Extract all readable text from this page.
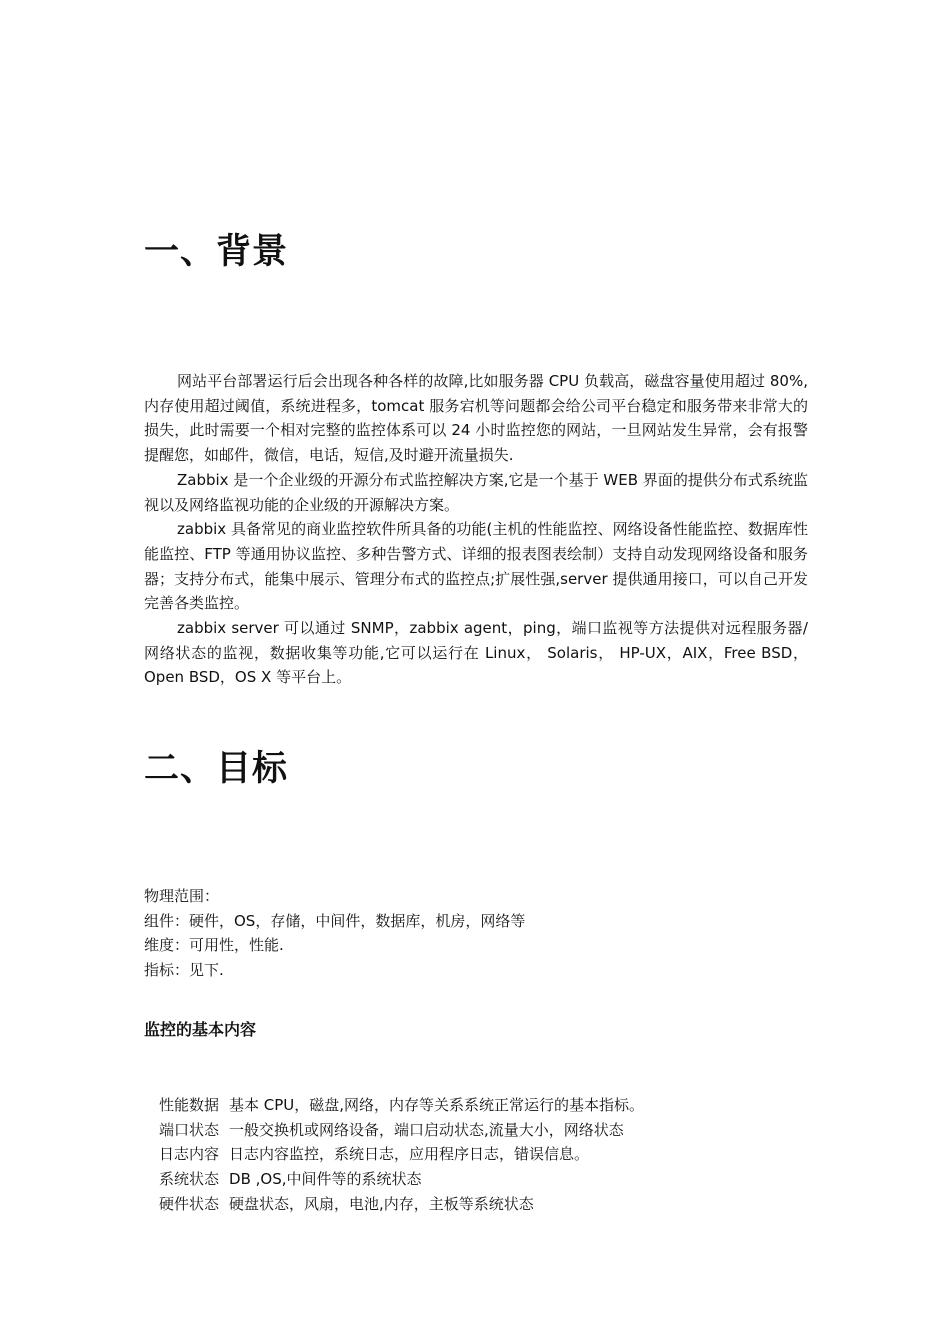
一、背景

网站平台部署运行后会出现各种各样的故障,比如服务器 CPU 负载高，磁盘容量使用超过 80%,内存使用超过阈值，系统进程多，tomcat 服务宕机等问题都会给公司平台稳定和服务带来非常大的损失，此时需要一个相对完整的监控体系可以 24 小时监控您的网站，一旦网站发生异常，会有报警提醒您，如邮件，微信，电话，短信,及时避开流量损失.

Zabbix 是一个企业级的开源分布式监控解决方案,它是一个基于 WEB 界面的提供分布式系统监视以及网络监视功能的企业级的开源解决方案。

zabbix 具备常见的商业监控软件所具备的功能(主机的性能监控、网络设备性能监控、数据库性能监控、FTP 等通用协议监控、多种告警方式、详细的报表图表绘制）支持自动发现网络设备和服务器；支持分布式，能集中展示、管理分布式的监控点;扩展性强,server 提供通用接口，可以自己开发完善各类监控。

zabbix server 可以通过 SNMP，zabbix agent，ping，端口监视等方法提供对远程服务器/网络状态的监视，数据收集等功能,它可以运行在 Linux， Solaris， HP-UX，AIX，Free BSD，Open BSD，OS X 等平台上。

二、目标
物理范围：
组件：硬件，OS，存储，中间件，数据库，机房，网络等
维度：可用性，性能.
指标：见下.
监控的基本内容
性能数据	基本 CPU，磁盘,网络，内存等关系系统正常运行的基本指标。
端口状态	一般交换机或网络设备，端口启动状态,流量大小，网络状态
日志内容	日志内容监控，系统日志，应用程序日志，错误信息。
系统状态	DB ,OS,中间件等的系统状态
硬件状态	硬盘状态，风扇，电池,内存，主板等系统状态
